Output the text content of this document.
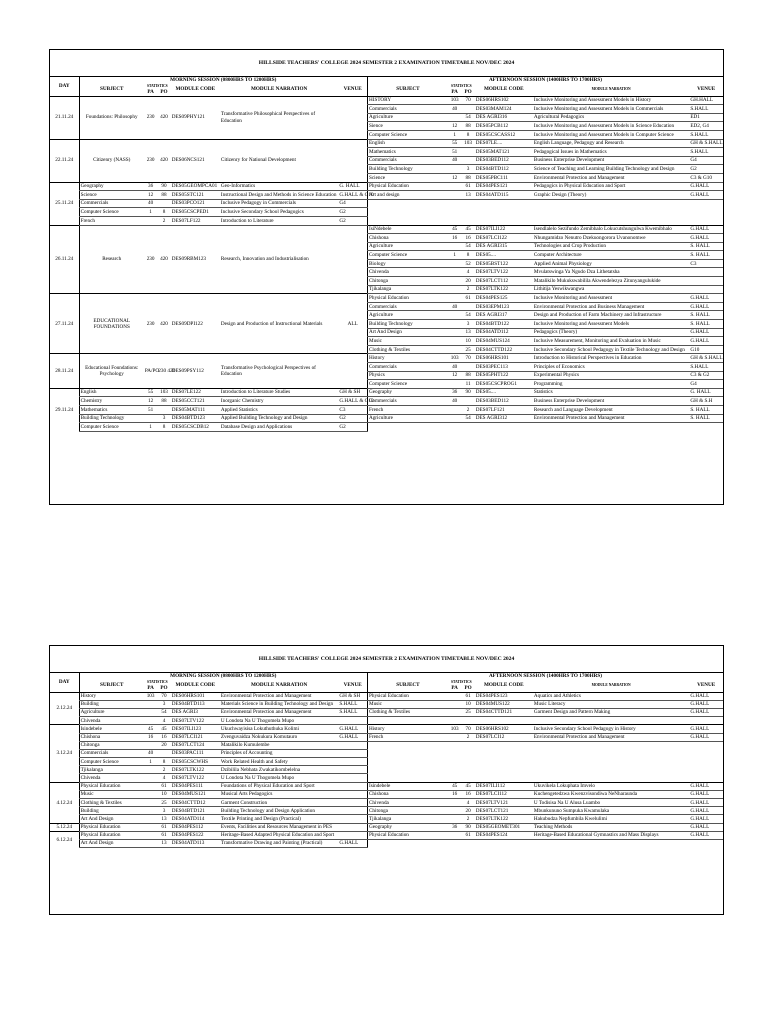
HILLSIDE TEACHERS' COLLEGE 2024 SEMESTER 2 EXAMINATION TIMETABLE NOV/DEC 2024
DAY	MORNING SESSION (0800HRS TO 1200HRS)						AFTERNOON SESSION (1400HRS TO 1700HRS)					
	SUBJECT	STATISTICS		MODULE CODE	MODULE NARRATION	VENUE	SUBJECT	STATISTICS		MODULE CODE	MODULE NARRATION	VENUE
		PA	PO					PA	PO			
21.11.24	Foundations: Philosophy	230	420	DES09PHY121	Transformative Philosophical Perspectives of Education		HISTORY	103	70	DES06HRS102	Inclusive Monitoring and Assessment Models in History	GH.HALL
							Commercials	40		DES03MAM124	Inclusive Monitoring and Assessment Models in Commercials	S.HALL
							Agriculture		54	DES AGRI316	Agricultural Pedagogics	ED1
							Sience	12	88	DES05PCB112	Inclusive Monitoring and Assessment Models in Science Education	ED2, G4
							Computer Science	1	8	DES05CSCASS12	Inclusive Monitoring and Assessment Models in Computer Science	S.HALL
22.11.24	Citizenry (NASS)	230	420	DES06NCS121	Citizenry for National Development		English	55	103	DES07LE....	English Language, Pedagogy and Research	GH & S.HALL
							Mathematics	51		DES05MAT121	Pedagogical Issues in Mathematics	S.HALL
							Commercials	40		DES03BED112	Business Enterprise Development	G4
							Building Technology		3	DES04BTD112	Science of Teaching and Learning Building Technology and Design	G2
							Science	12	88	DES05PBC111	Environmental Protection and Management	C3 & G10
25.11.24	Geography	36	90	DES05GEOMPCA01	Geo-Informatics	G. HALL	Physical Education		61	DES04PES121	Pedagogics in Physical Education and Sport	G.HALL
	Science	12	88	DES05STC121	Instructional Design and Methods in Science Education	G.HALL & G10	Art and design		13	DES04ATD115	Graphic Design (Theory)	G.HALL
	Commercials	40		DES03PCO121	Inclusive Pedagogy in Commercials	G4						
	Computer Science	1	8	DES05CSCPED1	Inclusive Secondary School Pedagogics	G2						
	French		2	DES07LF122	Introduction to Literature	G2						
26.11.24	Research	230	420	DES09RBM123	Research, Innovation and Industrialisation		IsiNdebele	45	45	DES07ILI122	Isendlalelo Sezifundo Zemibhalo Lokucutshungulwa Kwemibhalo	G.HALL
							Chishona	16	16	DES07LCI122	Nhungamidzo Nenutro Dzekuongorora Uvanonomwe	G.HALL
							Agriculture		54	DES AGRI315	Technologies and Crop Production	S. HALL
							Computer Science	1	8	DES05....	Computer Architecture	S. HALL
							Biology		52	DES05BST122	Applied Animal Physiology	C3
							Chivenda		4	DES07LTV122	Mvulatswinga Ya Ngudo Dza Lithetatsha	
							Chitonga		20	DES07LCT112	Matalikilo Mukukswabilila Akwendelezya Zitunyangulukide	
							Tjikalanga		2	DES07LTK122	Lithitija Yeswikwangwa	
27.11.24	EDUCATIONAL FOUNDATIONS	230	420	DES09DPI122	Design and Production of Instructional Materials	ALL	Physical Education		61	DES04PES125	Inclusive Monitoring and Assessment	G.HALL
							Commercials	40		DES03EPM123	Environmental Protection and Business Management	G.HALL
							Agriculture		54	DES AGRI317	Design and Production of Farm Machinery and Infrastructure	S. HALL
							Building Technology		3	DES04BTD122	Inclusive Monitoring and Assessment Models	S. HALL
							Art And Design		13	DES04ATD112	Pedagogics (Theory)	G.HALL
							Music		10	DES04MUS124	Inclusive Measurement, Monitoring and Evaluation in Music	G.HALL
							Clothing & Textiles		25	DES04CTTD122	Inclusive Secondary School Pedagogy in Textile Technology and Design	G10
28.11.24	Educational Foundations: Psychology	PA/PO	230 420	DES09PSY112	Transformative Psychological Perspectives of Education		History	103	70	DES06HRS101	Introduction to Historical Perspectives in Education	GH & S.HALL
							Commercials	40		DES03PEC113	Principles of Economics	S.HALL
							Physics	12	88	DES05PHT122	Experimental Physics	C3 & G2
							Computer Science		11	DES05CSCPROG1	Programming	G4
29.11.24	English	55	103	DES07LE122	Introduction to Literature Studies	GH & SH	Geography	36	90	DES05....	Statistics	G. HALL
	Chemistry	12	88	DES05CCT121	Inorganic Chemistry	G.HALL & G10	Commercials	40		DES03BED112	Business Enterprise Development	GH & S.H
	Mathematics	51		DES05MAT111	Applied Statistics	C3	French		2	DES07LF121	Research and Language Development	S. HALL
	Building Technology		3	DES04BTD123	Applied Building Technology and Design	G2	Agriculture		54	DES AGRI312	Environmental Protection and Management	S. HALL
	Computer Science	1	8	DES05CSCDB12	Database Design and Applications	G2						
HILLSIDE TEACHERS' COLLEGE 2024 SEMESTER 2 EXAMINATION TIMETABLE NOV/DEC 2024
DAY	MORNING SESSION (0800HRS TO 1200HRS)						AFTERNOON SESSION (1400HRS TO 1700HRS)					
	SUBJECT	STATISTICS		MODULE CODE	MODULE NARRATION	VENUE	SUBJECT	STATISTICS		MODULE CODE	MODULE NARRATION	VENUE
		PA	PO					PA	PO			
2.12.24	History	103	70	DES06HRS101	Environmental Protection and Management	GH & SH	Physical Education		61	DES04PES123	Aquatics and Athletics	G.HALL
	Building		3	DES04BTD113	Materials Science in Building Technology and Design	S.HALL	Music		10	DES04MUS122	Music Literacy	G.HALL
	Agriculture		54	DES AGRI3	Environmental Protection and Management	S.HALL	Clothing & Textiles		25	DES04CTTD121	Garment Design and Pattern Making	G.HALL
	Chivenda		4	DES07LTV122	U Londota Na U Thogomela Mupo							
3.12.24	Isindebele	45	45	DES07ILI123	Ukuchwayisisa Lokuthuthuka Kolimi	G.HALL	History	103	70	DES06HRS102	Inclusive Secondary School Pedagogy in History	G.HALL
	Chishona	16	16	DES07LCI121	Zvenguvaidza Nokukura Komutauro	G.HALL	French		2	DES07LCI12	Environmental Protection and Management	G.HALL
	Chitonga		20	DES07LCT124	Matalikilo Kumulembe							
	Commercials	40		DES03PAC111	Principles of Accounting							
	Computer Science	1	8	DES05CSCWHS	Work Related Health and Safety							
	Tjikalanga		2	DES07LTK122	Dzibilila Nebhata Zwakatikombelelna							
	Chivenda		4	DES07LTV122	U Londota Na U Thogomela Mupo							
4.12.24	Physical Education		61	DES04PES111	Foundations of Physical Education and Sport		Isindebele	45	45	DES07ILI112	Ukuvikela Lokuphata Imvelo	G.HALL
	Music		10	DES04MUS121	Musical Arts Pedagogics		Chishona	16	16	DES07LCI112	Kuchengetedzwa Kwenzvisondiwa NeNharaunda	G.HALL
	Clothing & Textiles		25	DES04CTTD12	Garment Construction		Chivenda		4	DES07LTV121	U Todisisa Na U Alusa Luambo	G.HALL
	Building		3	DES04BTD121	Building Technology and Design Application		Chitonga		20	DES07LCT121	Mbunkununo Sumpuka Kwamulaka	G.HALL
	Art And Design		13	DES04ATD114	Textile Printing and Design (Practical)		Tjikalanga		2	DES07LTK122	Hakubudza Nepfumbila Kwelulimi	G.HALL
5.12.24	Physical Education		61	DES04PES112	Events, Facilities and Resources Management in PES		Geography	36	90	DES05GEOMET301	Teaching Methods	G.HALL
6.12.24	Physical Education		61	DES04PES122	Heritage-Based Adapted Physical Education and Sport		Physical Education		61	DES04PES124	Heritage-Based Educational Gymnastics and Mass Displays	G.HALL
	Art And Design		13	DES04ATD113	Transformative Drawing and Painting (Practical)	G.HALL						
